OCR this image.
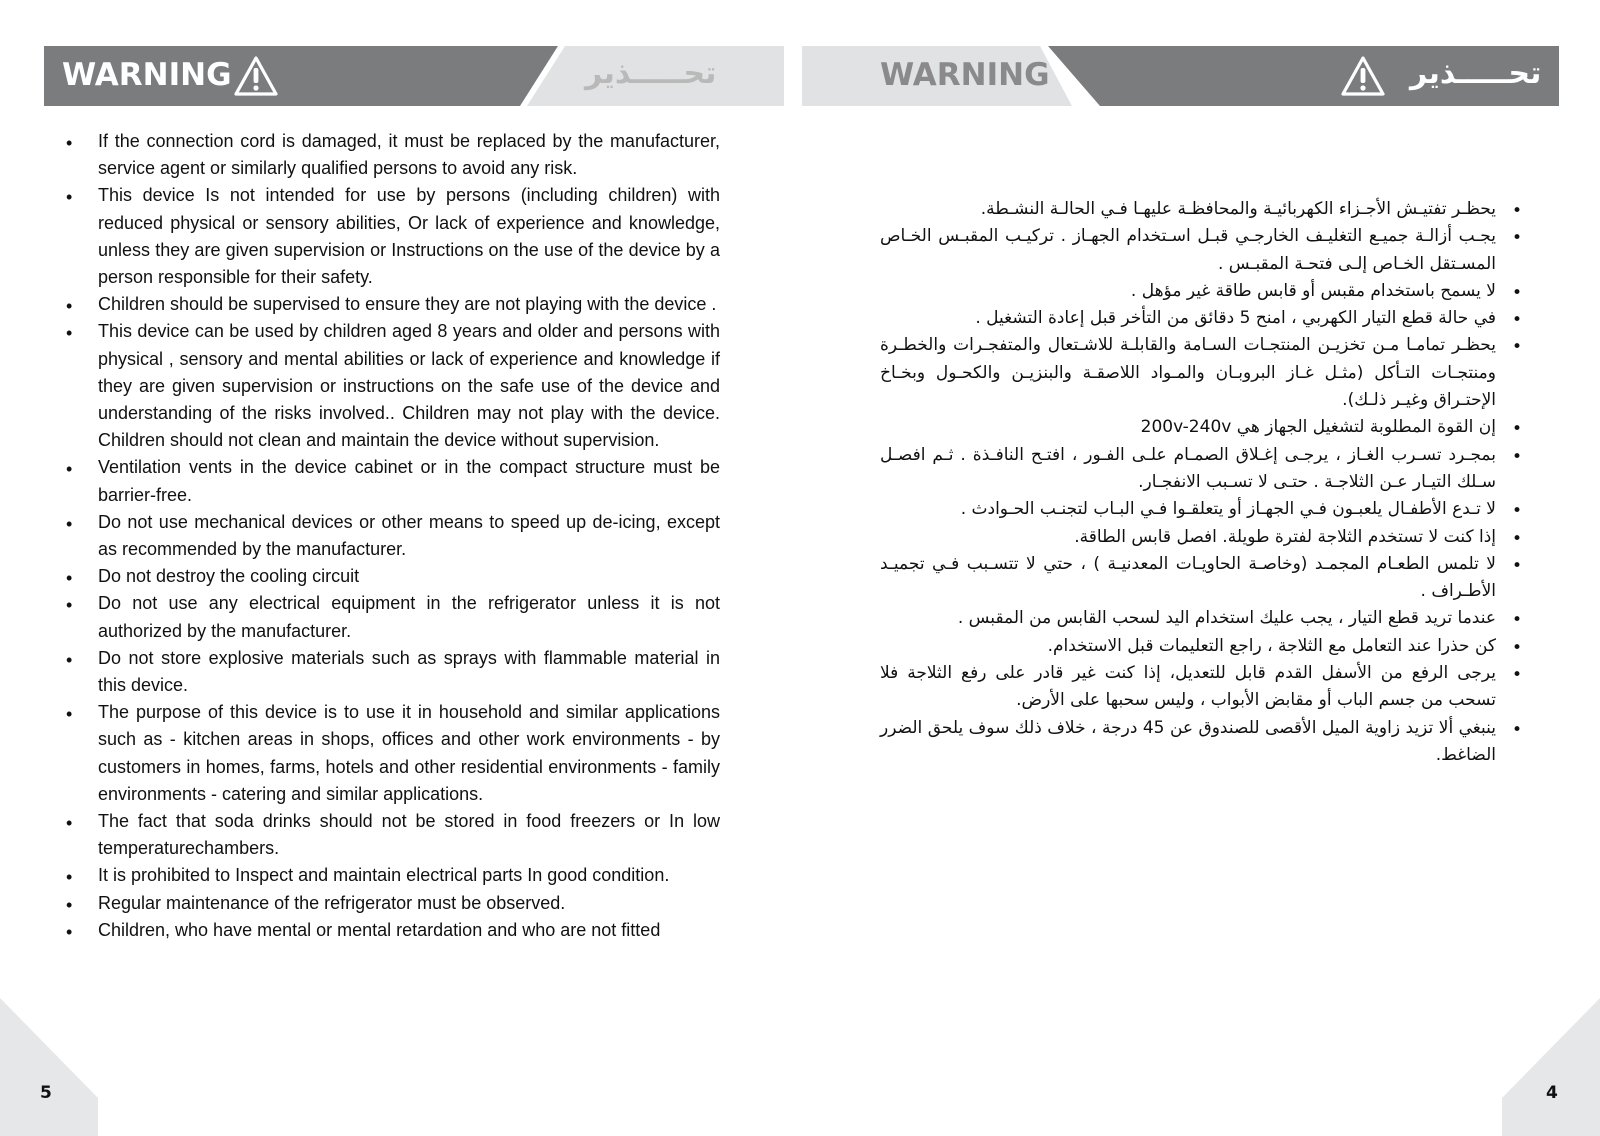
WARNING	تحـــــذير	WARNING	تحـــــذير
• If the connection cord is damaged, it must be replaced by the manufacturer, service agent or similarly qualified persons to avoid any risk.
• This device Is not intended for use by persons (including children) with reduced physical or sensory abilities, Or lack of experience and knowledge, unless they are given supervision or Instructions on the use of the device by a person responsible for their safety.
• Children should be supervised to ensure they are not playing with the device .
• This device can be used by children aged 8 years and older and persons with physical , sensory and mental abilities or lack of experience and knowledge if they are given supervision or instructions on the safe use of the device and understanding of the risks involved.. Children may not play with the device. Children should not clean and maintain the device without supervision.
• Ventilation vents in the device cabinet or in the compact structure must be barrier-free.
• Do not use mechanical devices or other means to speed up de-icing, except as recommended by the manufacturer.
• Do not destroy the cooling circuit
• Do not use any electrical equipment in the refrigerator unless it is not authorized by the manufacturer.
• Do not store explosive materials such as sprays with flammable material in this device.
• The purpose of this device is to use it in household and similar applications such as - kitchen areas in shops, offices and other work environments - by customers in homes, farms, hotels and other residential environments - family environments - catering and similar applications.
• The fact that soda drinks should not be stored in food freezers or In low temperaturechambers.
• It is prohibited to Inspect and maintain electrical parts In good condition.
• Regular maintenance of the refrigerator must be observed.
• Children, who have mental or mental retardation and who are not fitted
• يحظـر تفتيـش الأجـزاء الكهربائيـة والمحافظـة عليهـا فـي الحالـة النشـطة.
• يجـب أزالـة جميـع التغليـف الخارجـي قبـل اسـتخدام الجهـاز . تركيـب المقبـس الخـاص المسـتقل الخـاص إلـى فتحـة المقبـس .
• لا يسمح باستخدام مقبس أو قابس طاقة غير مؤهل .
• في حالة قطع التيار الكهربي ، امنح 5 دقائق من التأخر قبل إعادة التشغيل .
• يحظـر تمامـا مـن تخزيـن المنتجـات السـامة والقابلـة للاشـتعال والمتفجـرات والخطـرة ومنتجـات التـأكل (مثـل غـاز البروبـان والمـواد اللاصقـة والبنزيـن والكحـول وبخـاخ الإحتـراق وغيـر ذلـك).
• إن القوة المطلوبة لتشغيل الجهاز هي 200v-240v
• بمجـرد تسـرب الغـاز ، يرجـى إغـلاق الصمـام علـى الفـور ، افتـح النافـذة . ثـم افصـل سـلك التيـار عـن الثلاجـة . حتـى لا تسـبب الانفجـار.
• لا تـدع الأطفـال يلعبـون فـي الجهـاز أو يتعلقـوا فـي البـاب لتجنـب الحـوادث .
• إذا كنت لا تستخدم الثلاجة لفترة طويلة. افصل قابس الطاقة.
• لا تلمس الطعـام المجمـد (وخاصـة الحاويـات المعدنيـة ) ، حتي لا تتسـبب فـي تجميـد الأطـراف .
• عندما تريد قطع التيار ، يجب عليك استخدام اليد لسحب القابس من المقبس .
• كن حذرا عند التعامل مع الثلاجة ، راجع التعليمات قبل الاستخدام.
• يرجى الرفع من الأسفل القدم قابل للتعديل، إذا كنت غير قادر على رفع الثلاجة فلا تسحب من جسم الباب أو مقابض الأبواب ، وليس سحبها على الأرض.
• ينبغي ألا تزيد زاوية الميل الأقصى للصندوق عن 45 درجة ، خلاف ذلك سوف يلحق الضرر الضاغط.
5	4
